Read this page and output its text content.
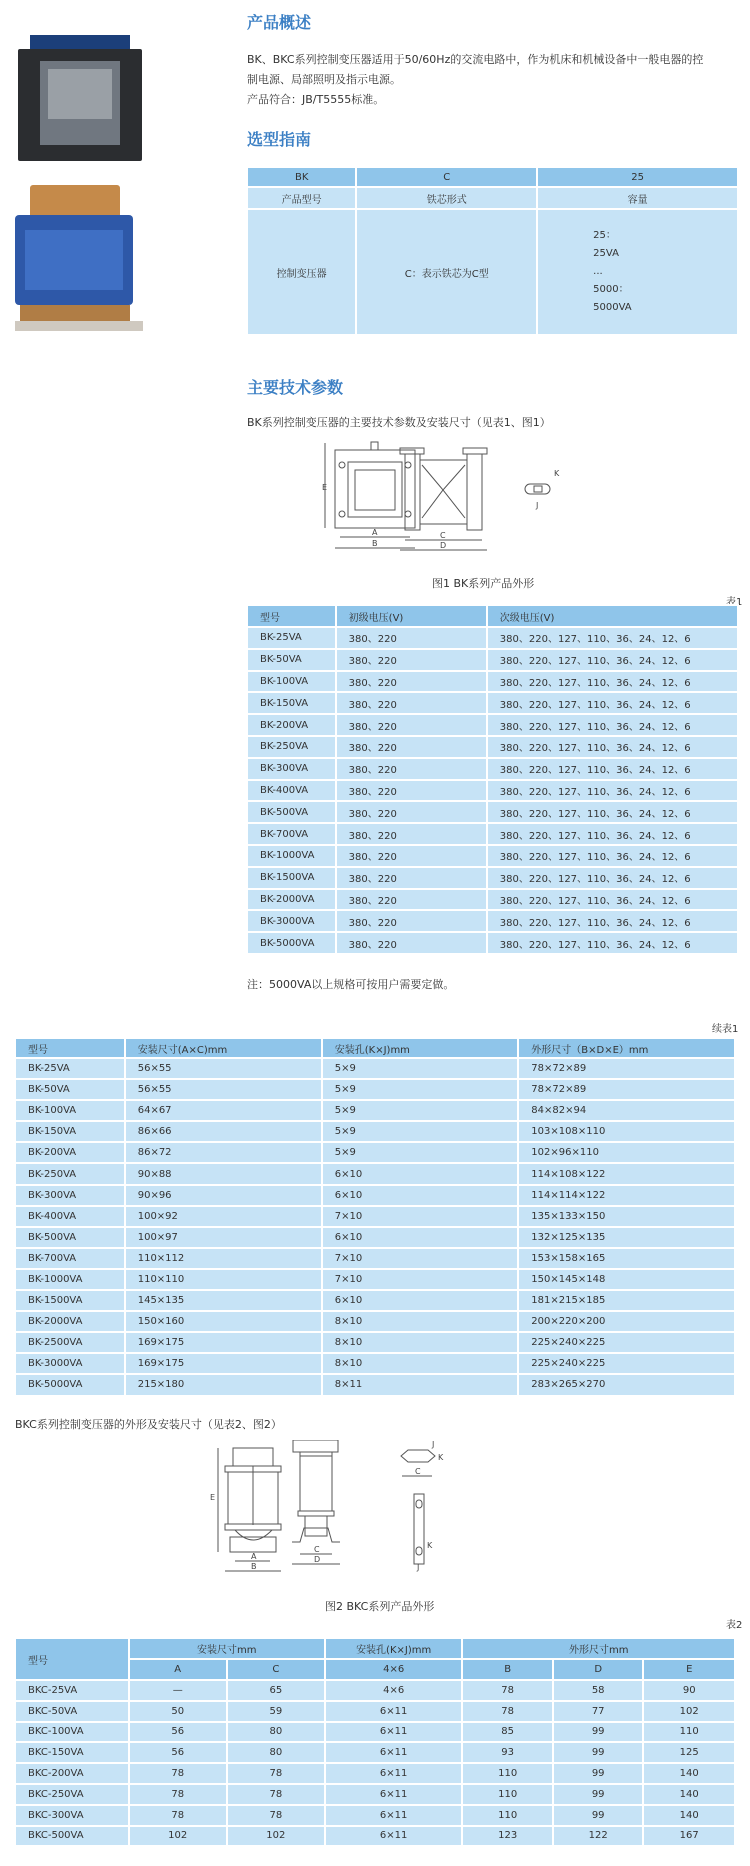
产品概述
BK、BKC系列控制变压器适用于50/60Hz的交流电路中，作为机床和机械设备中一般电器的控
制电源、局部照明及指示电源。
产品符合：JB/T5555标准。
选型指南
BK	C	25
产品型号	铁芯形式	容量
控制变压器	C：表示铁芯为C型	25：
25VA
...
5000：
5000VA
主要技术参数
BK系列控制变压器的主要技术参数及安装尺寸（见表1、图1）
E
A
B
C
D
K
J
图1 BK系列产品外形
表1
型号	初级电压(V)	次级电压(V)
BK-25VA	380、220	380、220、127、110、36、24、12、6
BK-50VA	380、220	380、220、127、110、36、24、12、6
BK-100VA	380、220	380、220、127、110、36、24、12、6
BK-150VA	380、220	380、220、127、110、36、24、12、6
BK-200VA	380、220	380、220、127、110、36、24、12、6
BK-250VA	380、220	380、220、127、110、36、24、12、6
BK-300VA	380、220	380、220、127、110、36、24、12、6
BK-400VA	380、220	380、220、127、110、36、24、12、6
BK-500VA	380、220	380、220、127、110、36、24、12、6
BK-700VA	380、220	380、220、127、110、36、24、12、6
BK-1000VA	380、220	380、220、127、110、36、24、12、6
BK-1500VA	380、220	380、220、127、110、36、24、12、6
BK-2000VA	380、220	380、220、127、110、36、24、12、6
BK-3000VA	380、220	380、220、127、110、36、24、12、6
BK-5000VA	380、220	380、220、127、110、36、24、12、6
注：5000VA以上规格可按用户需要定做。
续表1
型号	安装尺寸(A×C)mm	安装孔(K×J)mm	外形尺寸（B×D×E）mm
BK-25VA	56×55	5×9	78×72×89
BK-50VA	56×55	5×9	78×72×89
BK-100VA	64×67	5×9	84×82×94
BK-150VA	86×66	5×9	103×108×110
BK-200VA	86×72	5×9	102×96×110
BK-250VA	90×88	6×10	114×108×122
BK-300VA	90×96	6×10	114×114×122
BK-400VA	100×92	7×10	135×133×150
BK-500VA	100×97	6×10	132×125×135
BK-700VA	110×112	7×10	153×158×165
BK-1000VA	110×110	7×10	150×145×148
BK-1500VA	145×135	6×10	181×215×185
BK-2000VA	150×160	8×10	200×220×200
BK-2500VA	169×175	8×10	225×240×225
BK-3000VA	169×175	8×10	225×240×225
BK-5000VA	215×180	8×11	283×265×270
BKC系列控制变压器的外形及安装尺寸（见表2、图2）
E
A
B
C
D
J
K
C
K
J
图2 BKC系列产品外形
表2
型号	安装尺寸mm		安装孔(K×J)mm	外形尺寸mm		
	A	C	4×6	B	D	E
BKC-25VA	—	65	4×6	78	58	90
BKC-50VA	50	59	6×11	78	77	102
BKC-100VA	56	80	6×11	85	99	110
BKC-150VA	56	80	6×11	93	99	125
BKC-200VA	78	78	6×11	110	99	140
BKC-250VA	78	78	6×11	110	99	140
BKC-300VA	78	78	6×11	110	99	140
BKC-500VA	102	102	6×11	123	122	167
